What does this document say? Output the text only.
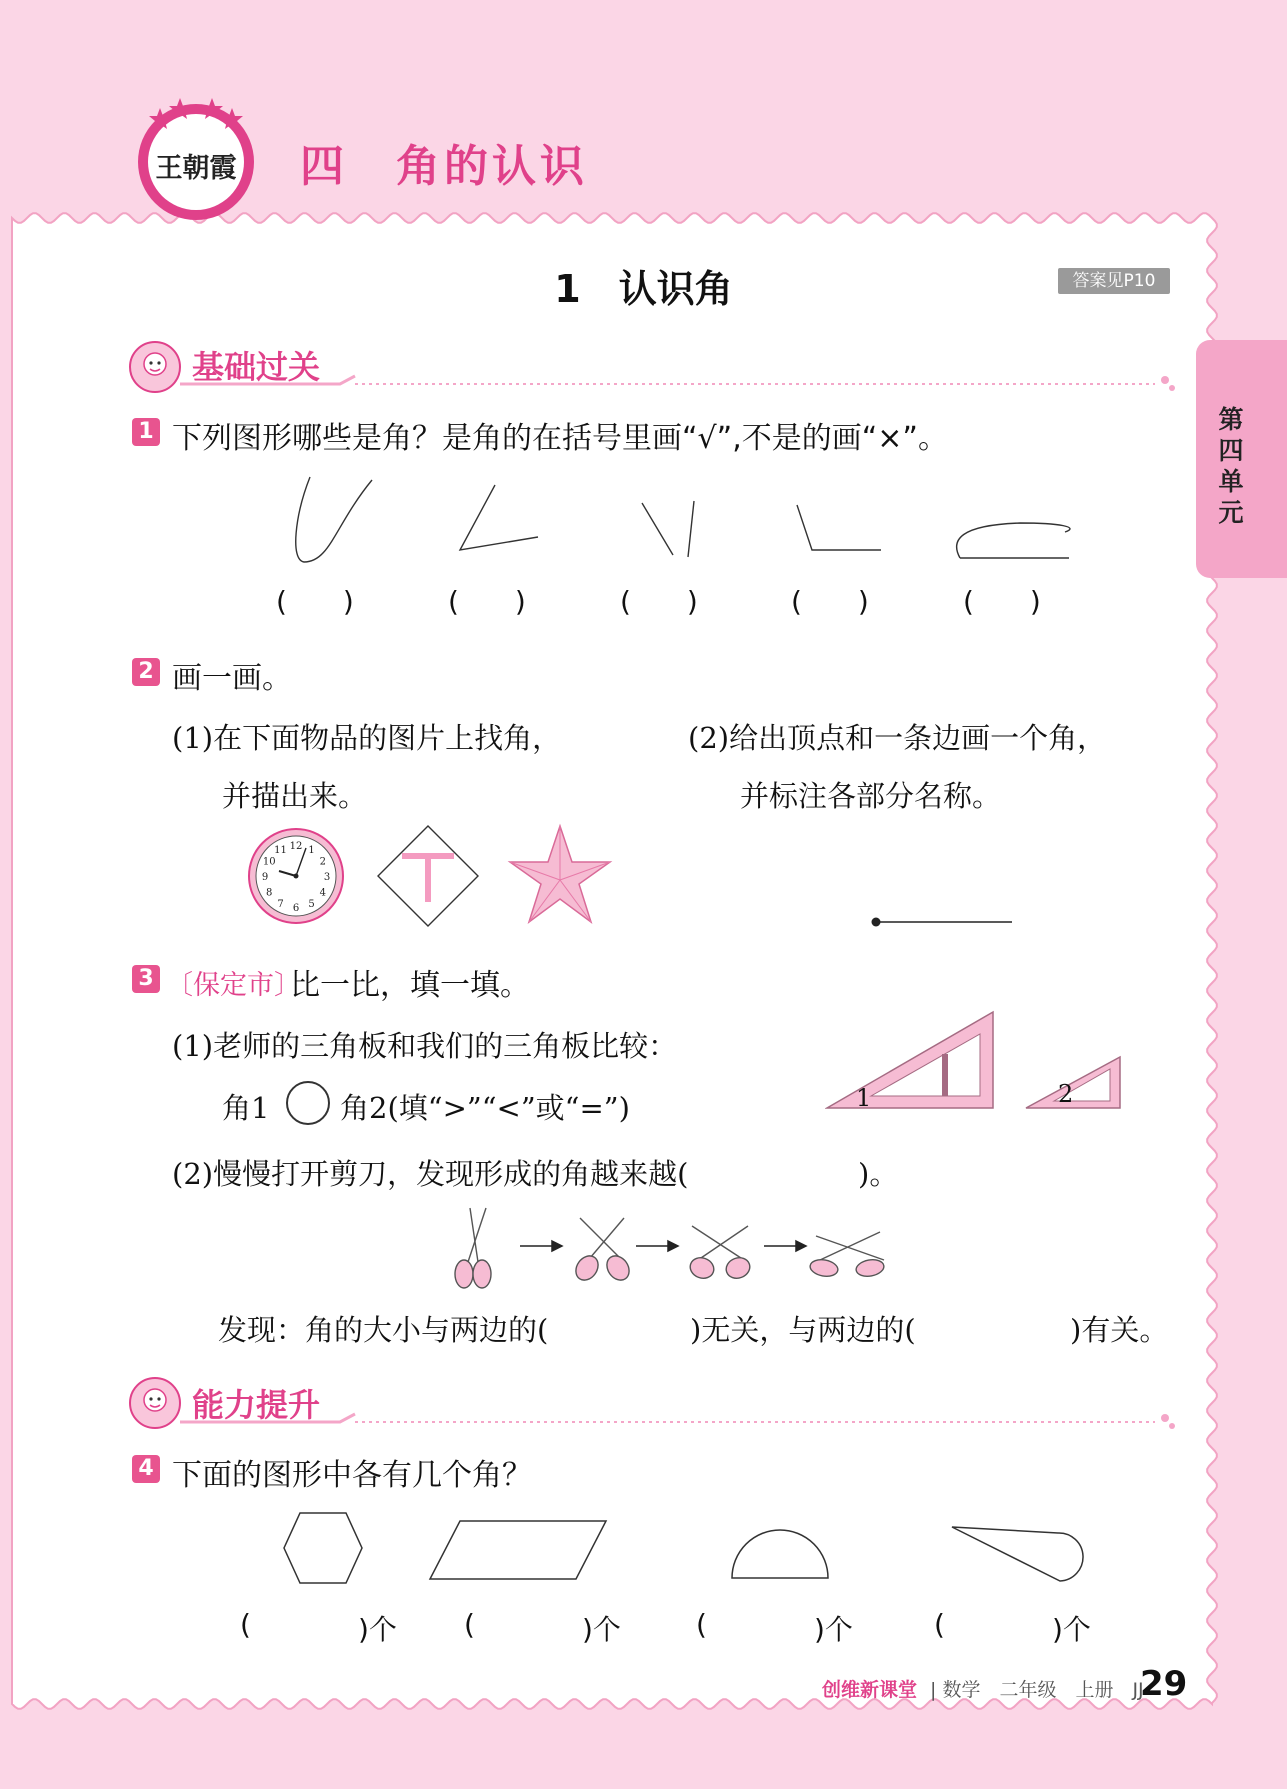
王朝霞	四　角的认识
1　认识角	答案见P10
第
四
单
元
基础过关
1 下列图形哪些是角？是角的在括号里画“√”,不是的画“×”。
(　　)	(　　)	(　　)	(　　)	(　　)
2 画一画。
(1)在下面物品的图片上找角，
并描出来。
(2)给出顶点和一条边画一个角，
并标注各部分名称。
12 1
2
3
4
5
6
7
8
9
10
11
3 〔保定市〕
比一比，填一填。
(1)老师的三角板和我们的三角板比较：
角1 角2(填“>”“<”或“=”)	1	2
(2)慢慢打开剪刀，发现形成的角越来越(	)。
发现：角的大小与两边的(	)无关，与两边的(	)有关。
能力提升
4 下面的图形中各有几个角？
(	)个 (	)个	(	)个	(	)个
创维新课堂 | 数学　二年级　上册　JJ
29
